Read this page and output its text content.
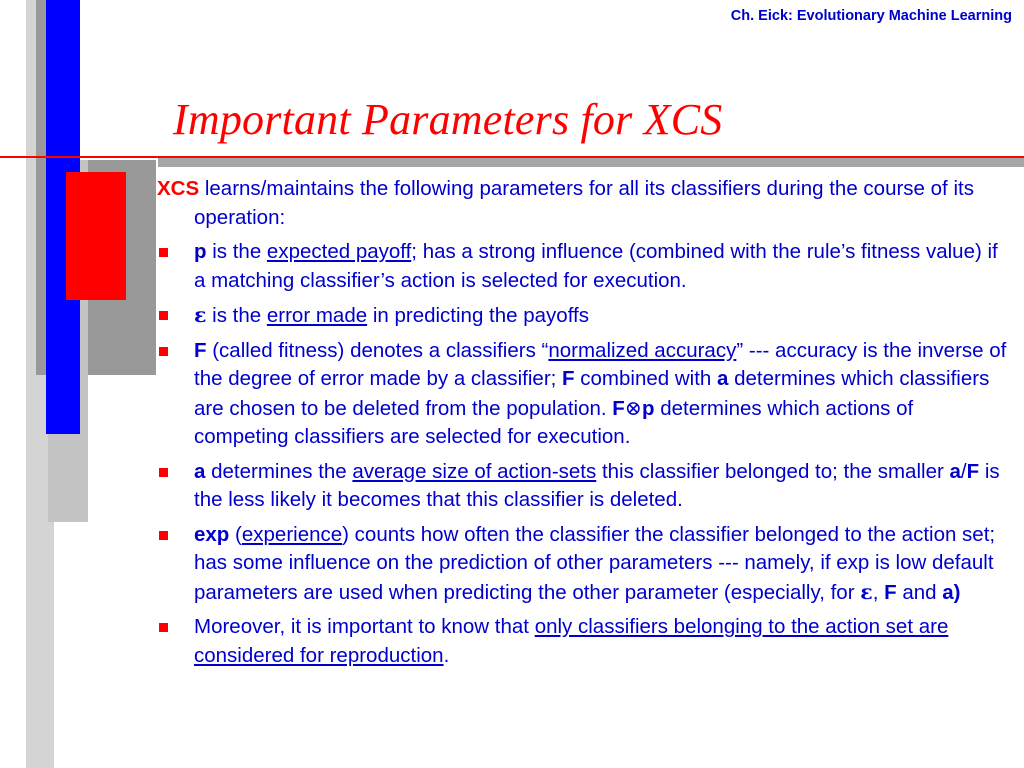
Ch. Eick: Evolutionary Machine Learning
Important Parameters for XCS

XCS learns/maintains the following parameters for all its classifiers during the course of its operation:

p is the expected payoff; has a strong influence (combined with the rule’s fitness value) if a matching classifier’s action is selected for execution.
ε is the error made in predicting the payoffs
F (called fitness) denotes a classifiers “normalized accuracy” --- accuracy is the inverse of the degree of error made by a classifier; F combined with a determines which classifiers are chosen to be deleted from the population. F⊗p determines which actions of competing classifiers are selected for execution.
a determines the average size of action-sets this classifier belonged to; the smaller a/F is the less likely it becomes that this classifier is deleted.
exp (experience) counts how often the classifier the classifier belonged to the action set; has some influence on the prediction of other parameters --- namely, if exp is low default parameters are used when predicting the other parameter (especially, for ε, F and a)
Moreover, it is important to know that only classifiers belonging to the action set are considered for reproduction.
